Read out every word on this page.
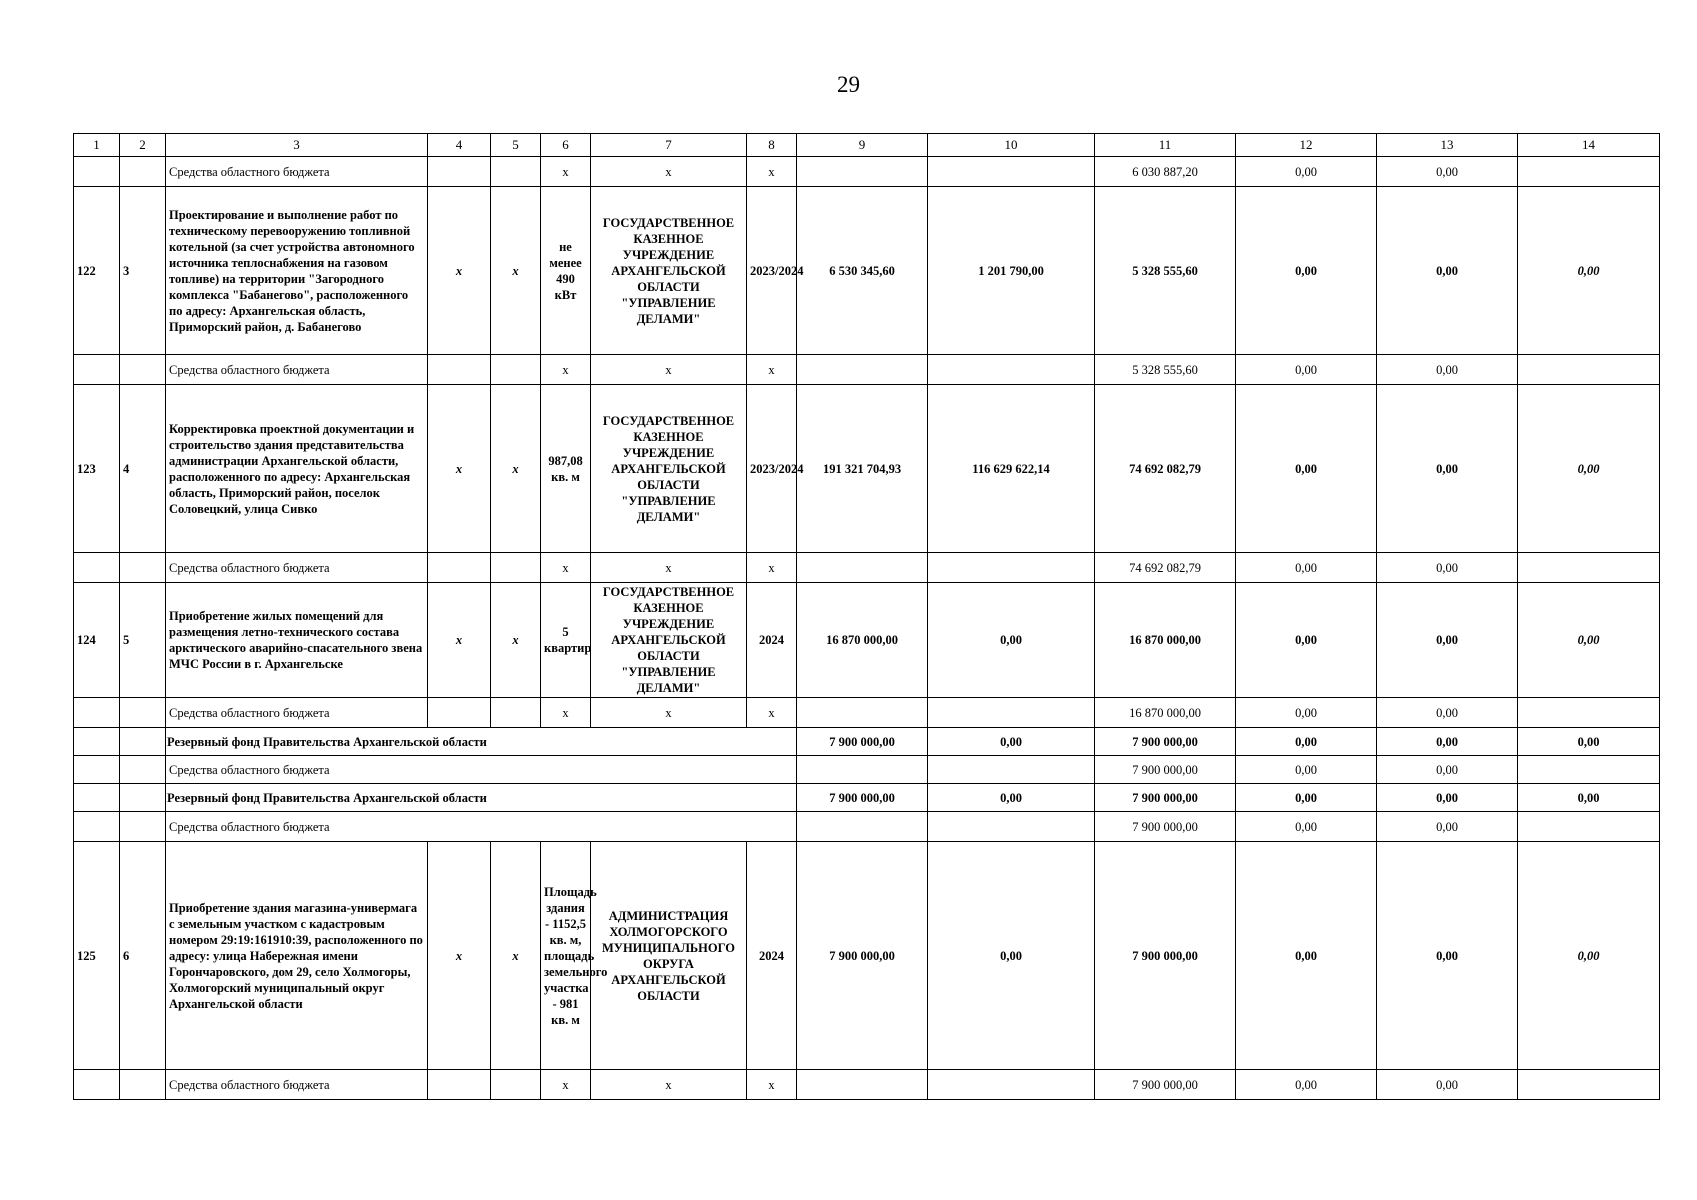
29
1	2	3	4	5	6	7	8	9	10	11	12	13	14
		Средства областного бюджета			х	х	х			6 030 887,20	0,00	0,00	
122	3	Проектирование и выполнение работ по техническому перевооружению топливной котельной (за счет устройства автономного источника теплоснабжения на газовом топливе) на территории "Загородного комплекса "Бабанегово", расположенного по адресу: Архангельская область, Приморский район, д. Бабанегово	x	x	не менее 490 кВт	ГОСУДАРСТВЕННОЕ КАЗЕННОЕ УЧРЕЖДЕНИЕ АРХАНГЕЛЬСКОЙ ОБЛАСТИ "УПРАВЛЕНИЕ ДЕЛАМИ"	2023/2024	6 530 345,60	1 201 790,00	5 328 555,60	0,00	0,00	0,00
		Средства областного бюджета			х	х	х			5 328 555,60	0,00	0,00	
123	4	Корректировка проектной документации и строительство здания представительства администрации Архангельской области, расположенного по адресу: Архангельская область, Приморский район, поселок Соловецкий, улица Сивко	x	x	987,08 кв. м	ГОСУДАРСТВЕННОЕ КАЗЕННОЕ УЧРЕЖДЕНИЕ АРХАНГЕЛЬСКОЙ ОБЛАСТИ "УПРАВЛЕНИЕ ДЕЛАМИ"	2023/2024	191 321 704,93	116 629 622,14	74 692 082,79	0,00	0,00	0,00
		Средства областного бюджета			х	х	х			74 692 082,79	0,00	0,00	
124	5	Приобретение жилых помещений для размещения летно-технического состава арктического аварийно-спасательного звена МЧС России в г. Архангельске	x	x	5 квартир	ГОСУДАРСТВЕННОЕ КАЗЕННОЕ УЧРЕЖДЕНИЕ АРХАНГЕЛЬСКОЙ ОБЛАСТИ "УПРАВЛЕНИЕ ДЕЛАМИ"	2024	16 870 000,00	0,00	16 870 000,00	0,00	0,00	0,00
		Средства областного бюджета			х	х	х			16 870 000,00	0,00	0,00	
		Резервный фонд Правительства Архангельской области						7 900 000,00	0,00	7 900 000,00	0,00	0,00	0,00
		Средства областного бюджета								7 900 000,00	0,00	0,00	
		Резервный фонд Правительства Архангельской области						7 900 000,00	0,00	7 900 000,00	0,00	0,00	0,00
		Средства областного бюджета								7 900 000,00	0,00	0,00	
125	6	Приобретение здания магазина-универмага с земельным участком с кадастровым номером 29:19:161910:39, расположенного по адресу: улица Набережная имени Горончаровского, дом 29, село Холмогоры, Холмогорский муниципальный округ Архангельской области	x	x	Площадь здания - 1152,5 кв. м, площадь земельного участка - 981 кв. м	АДМИНИСТРАЦИЯ ХОЛМОГОРСКОГО МУНИЦИПАЛЬНОГО ОКРУГА АРХАНГЕЛЬСКОЙ ОБЛАСТИ	2024	7 900 000,00	0,00	7 900 000,00	0,00	0,00	0,00
		Средства областного бюджета			х	х	х			7 900 000,00	0,00	0,00	
